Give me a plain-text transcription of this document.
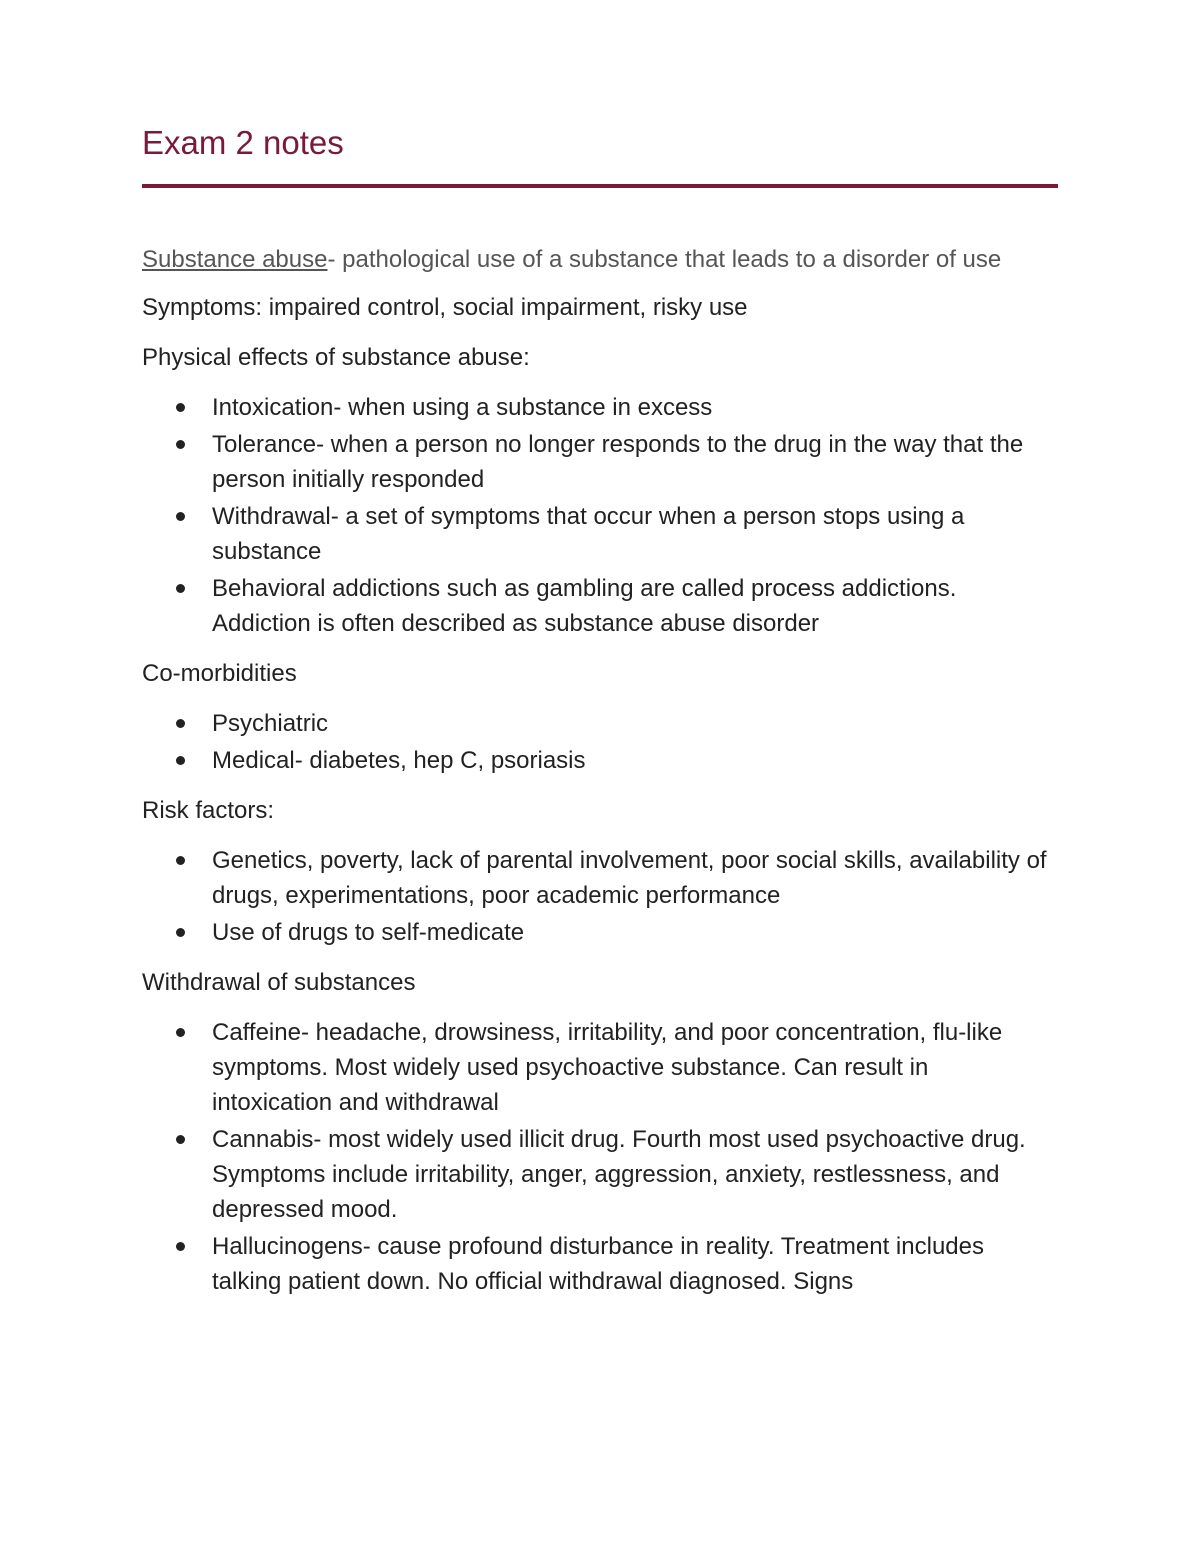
Exam 2 notes

Substance abuse- pathological use of a substance that leads to a disorder of use

Symptoms: impaired control, social impairment, risky use

Physical effects of substance abuse:

Intoxication- when using a substance in excess
Tolerance- when a person no longer responds to the drug in the way that the person initially responded
Withdrawal- a set of symptoms that occur when a person stops using a substance
Behavioral addictions such as gambling are called process addictions. Addiction is often described as substance abuse disorder

Co-morbidities

Psychiatric
Medical- diabetes, hep C, psoriasis

Risk factors:

Genetics, poverty, lack of parental involvement, poor social skills, availability of drugs, experimentations, poor academic performance
Use of drugs to self-medicate

Withdrawal of substances

Caffeine- headache, drowsiness, irritability, and poor concentration, flu-like symptoms. Most widely used psychoactive substance. Can result in intoxication and withdrawal
Cannabis- most widely used illicit drug. Fourth most used psychoactive drug. Symptoms include irritability, anger, aggression, anxiety, restlessness, and depressed mood.
Hallucinogens- cause profound disturbance in reality. Treatment includes talking patient down. No official withdrawal diagnosed. Signs
